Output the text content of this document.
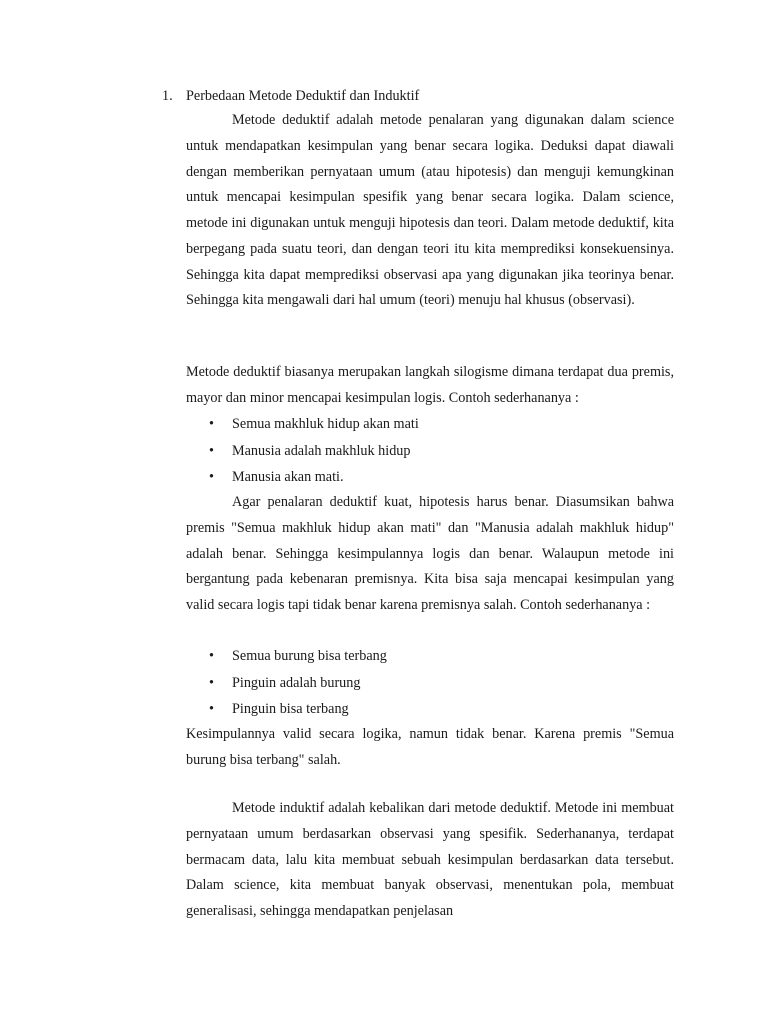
1. Perbedaan Metode Deduktif dan Induktif

Metode deduktif adalah metode penalaran yang digunakan dalam science untuk mendapatkan kesimpulan yang benar secara logika. Deduksi dapat diawali dengan memberikan pernyataan umum (atau hipotesis) dan menguji kemungkinan untuk mencapai kesimpulan spesifik yang benar secara logika. Dalam science, metode ini digunakan untuk menguji hipotesis dan teori. Dalam metode deduktif, kita berpegang pada suatu teori, dan dengan teori itu kita memprediksi konsekuensinya. Sehingga kita dapat memprediksi observasi apa yang digunakan jika teorinya benar. Sehingga kita mengawali dari hal umum (teori) menuju hal khusus (observasi).

Metode deduktif biasanya merupakan langkah silogisme dimana terdapat dua premis, mayor dan minor mencapai kesimpulan logis. Contoh sederhananya :

• Semua makhluk hidup akan mati
• Manusia adalah makhluk hidup
• Manusia akan mati.

Agar penalaran deduktif kuat, hipotesis harus benar. Diasumsikan bahwa premis "Semua makhluk hidup akan mati" dan "Manusia adalah makhluk hidup" adalah benar. Sehingga kesimpulannya logis dan benar. Walaupun metode ini bergantung pada kebenaran premisnya. Kita bisa saja mencapai kesimpulan yang valid secara logis tapi tidak benar karena premisnya salah. Contoh sederhananya :

• Semua burung bisa terbang
• Pinguin adalah burung
• Pinguin bisa terbang

Kesimpulannya valid secara logika, namun tidak benar. Karena premis "Semua burung bisa terbang" salah.

Metode induktif adalah kebalikan dari metode deduktif. Metode ini membuat pernyataan umum berdasarkan observasi yang spesifik. Sederhananya, terdapat bermacam data, lalu kita membuat sebuah kesimpulan berdasarkan data tersebut. Dalam science, kita membuat banyak observasi, menentukan pola, membuat generalisasi, sehingga mendapatkan penjelasan
